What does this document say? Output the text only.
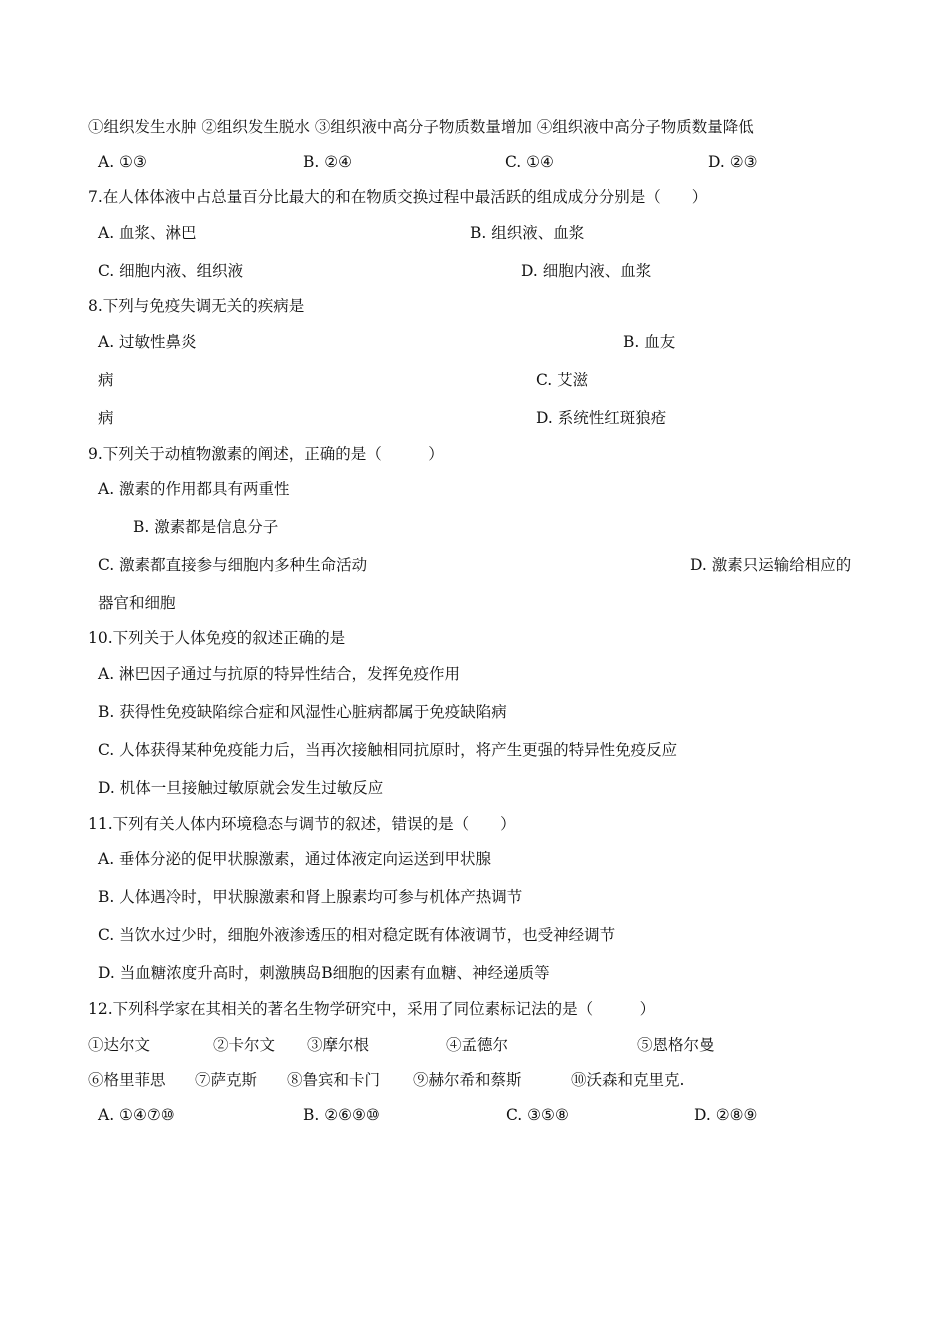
①组织发生水肿 ②组织发生脱水 ③组织液中高分子物质数量增加 ④组织液中高分子物质数量降低
A. ①③	B. ②④	C. ①④	D. ②③
7.在人体体液中占总量百分比最大的和在物质交换过程中最活跃的组成成分分别是（　　）
A. 血浆、淋巴	B. 组织液、血浆
C. 细胞内液、组织液	D. 细胞内液、血浆
8.下列与免疫失调无关的疾病是
A. 过敏性鼻炎	B. 血友
病	C. 艾滋
病	D. 系统性红斑狼疮
9.下列关于动植物激素的阐述，正确的是（　　　）
A. 激素的作用都具有两重性
B. 激素都是信息分子
C. 激素都直接参与细胞内多种生命活动	D. 激素只运输给相应的
器官和细胞
10.下列关于人体免疫的叙述正确的是
A. 淋巴因子通过与抗原的特异性结合，发挥免疫作用
B. 获得性免疫缺陷综合症和风湿性心脏病都属于免疫缺陷病
C. 人体获得某种免疫能力后，当再次接触相同抗原时，将产生更强的特异性免疫反应
D. 机体一旦接触过敏原就会发生过敏反应
11.下列有关人体内环境稳态与调节的叙述，错误的是（　　）
A. 垂体分泌的促甲状腺激素，通过体液定向运送到甲状腺
B. 人体遇冷时，甲状腺激素和肾上腺素均可参与机体产热调节
C. 当饮水过少时，细胞外液渗透压的相对稳定既有体液调节，也受神经调节
D. 当血糖浓度升高时，刺激胰岛B细胞的因素有血糖、神经递质等
12.下列科学家在其相关的著名生物学研究中，采用了同位素标记法的是（　　　）
①达尔文	②卡尔文 ③摩尔根	④孟德尔	⑤恩格尔曼
⑥格里菲思 ⑦萨克斯 ⑧鲁宾和卡门 ⑨赫尔希和蔡斯	⑩沃森和克里克.
A. ①④⑦⑩	B. ②⑥⑨⑩	C. ③⑤⑧	D. ②⑧⑨
